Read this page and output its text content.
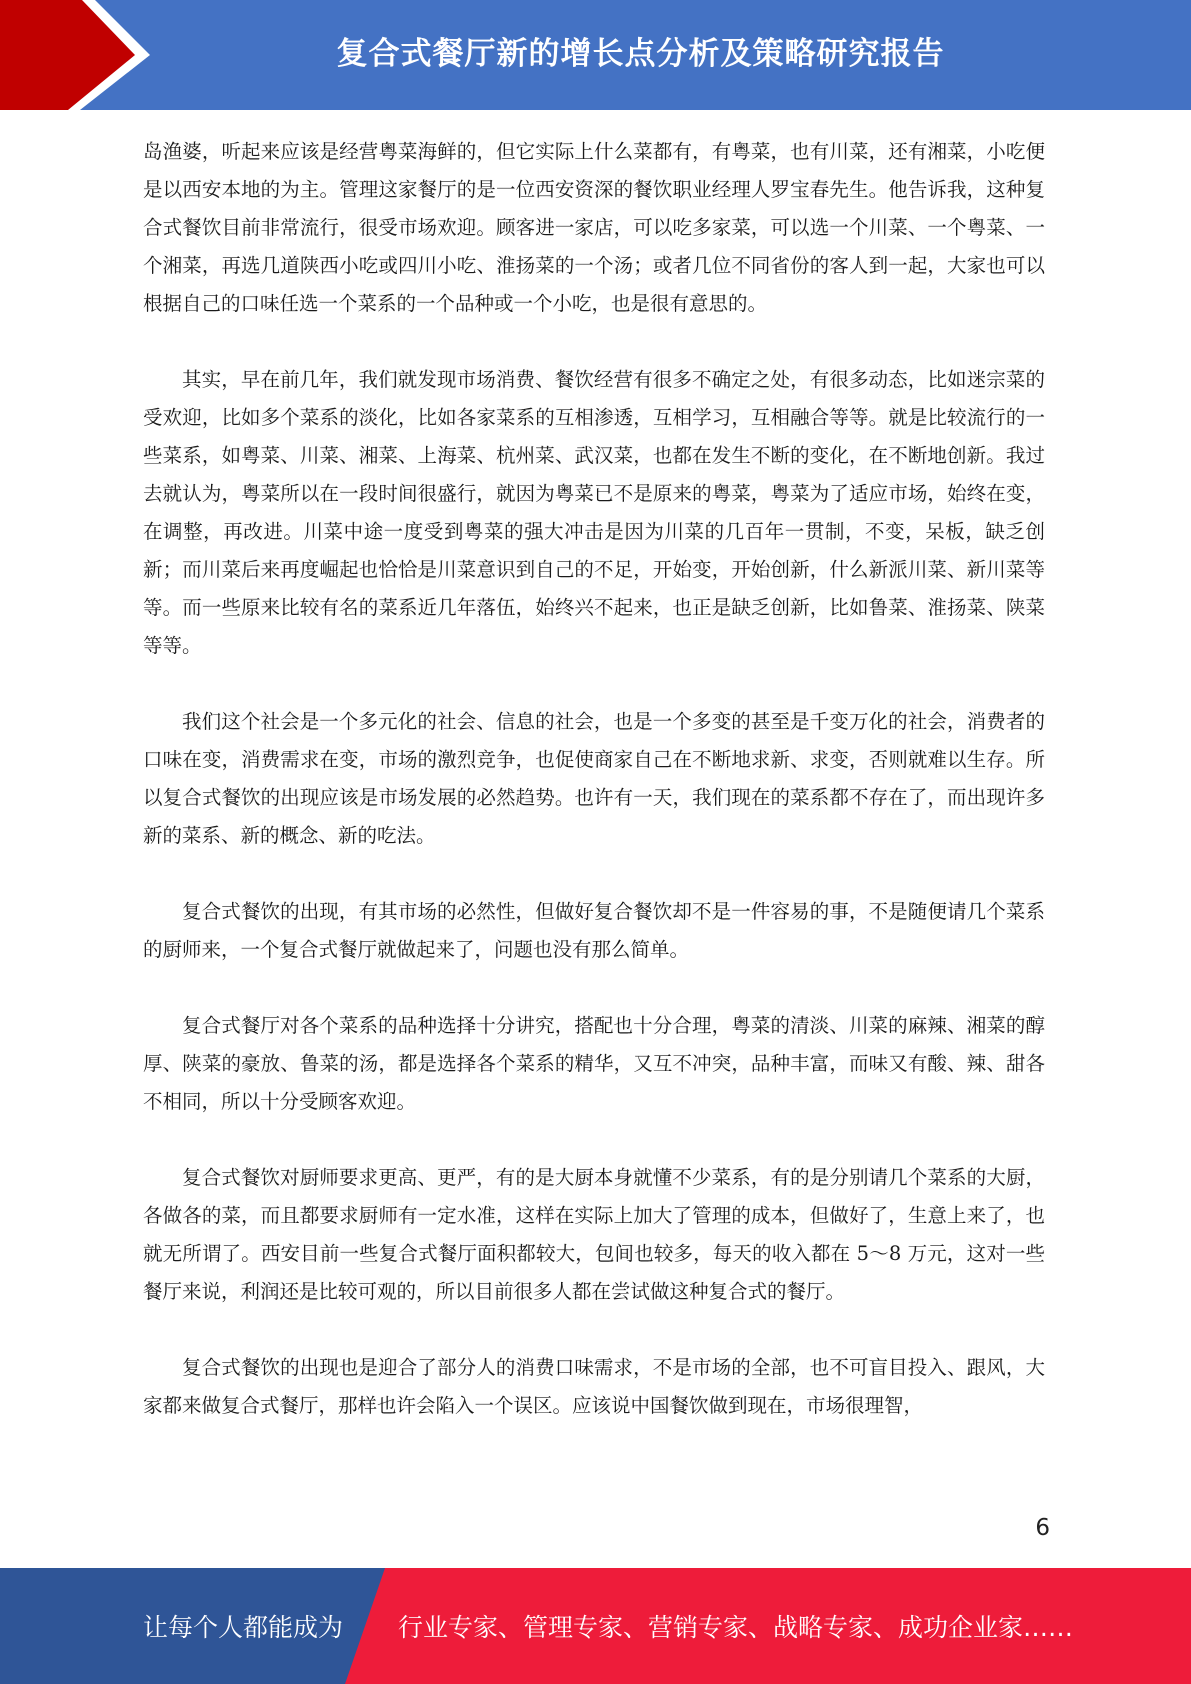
复合式餐厅新的增长点分析及策略研究报告

岛渔婆，听起来应该是经营粤菜海鲜的，但它实际上什么菜都有，有粤菜，也有川菜，还有湘菜，小吃便是以西安本地的为主。管理这家餐厅的是一位西安资深的餐饮职业经理人罗宝春先生。他告诉我，这种复合式餐饮目前非常流行，很受市场欢迎。顾客进一家店，可以吃多家菜，可以选一个川菜、一个粤菜、一个湘菜，再选几道陕西小吃或四川小吃、淮扬菜的一个汤；或者几位不同省份的客人到一起，大家也可以根据自己的口味任选一个菜系的一个品种或一个小吃，也是很有意思的。

其实，早在前几年，我们就发现市场消费、餐饮经营有很多不确定之处，有很多动态，比如迷宗菜的受欢迎，比如多个菜系的淡化，比如各家菜系的互相渗透，互相学习，互相融合等等。就是比较流行的一些菜系，如粤菜、川菜、湘菜、上海菜、杭州菜、武汉菜，也都在发生不断的变化，在不断地创新。我过去就认为，粤菜所以在一段时间很盛行，就因为粤菜已不是原来的粤菜，粤菜为了适应市场，始终在变，在调整，再改进。川菜中途一度受到粤菜的强大冲击是因为川菜的几百年一贯制，不变，呆板，缺乏创新；而川菜后来再度崛起也恰恰是川菜意识到自己的不足，开始变，开始创新，什么新派川菜、新川菜等等。而一些原来比较有名的菜系近几年落伍，始终兴不起来，也正是缺乏创新，比如鲁菜、淮扬菜、陕菜等等。

我们这个社会是一个多元化的社会、信息的社会，也是一个多变的甚至是千变万化的社会，消费者的口味在变，消费需求在变，市场的激烈竞争，也促使商家自己在不断地求新、求变，否则就难以生存。所以复合式餐饮的出现应该是市场发展的必然趋势。也许有一天，我们现在的菜系都不存在了，而出现许多新的菜系、新的概念、新的吃法。

复合式餐饮的出现，有其市场的必然性，但做好复合餐饮却不是一件容易的事，不是随便请几个菜系的厨师来，一个复合式餐厅就做起来了，问题也没有那么简单。

复合式餐厅对各个菜系的品种选择十分讲究，搭配也十分合理，粤菜的清淡、川菜的麻辣、湘菜的醇厚、陕菜的豪放、鲁菜的汤，都是选择各个菜系的精华，又互不冲突，品种丰富，而味又有酸、辣、甜各不相同，所以十分受顾客欢迎。

复合式餐饮对厨师要求更高、更严，有的是大厨本身就懂不少菜系，有的是分别请几个菜系的大厨，各做各的菜，而且都要求厨师有一定水准，这样在实际上加大了管理的成本，但做好了，生意上来了，也就无所谓了。西安目前一些复合式餐厅面积都较大，包间也较多，每天的收入都在 5～8 万元，这对一些餐厅来说，利润还是比较可观的，所以目前很多人都在尝试做这种复合式的餐厅。

复合式餐饮的出现也是迎合了部分人的消费口味需求，不是市场的全部，也不可盲目投入、跟风，大家都来做复合式餐厅，那样也许会陷入一个误区。应该说中国餐饮做到现在，市场很理智，

6
让每个人都能成为 行业专家、管理专家、营销专家、战略专家、成功企业家……
